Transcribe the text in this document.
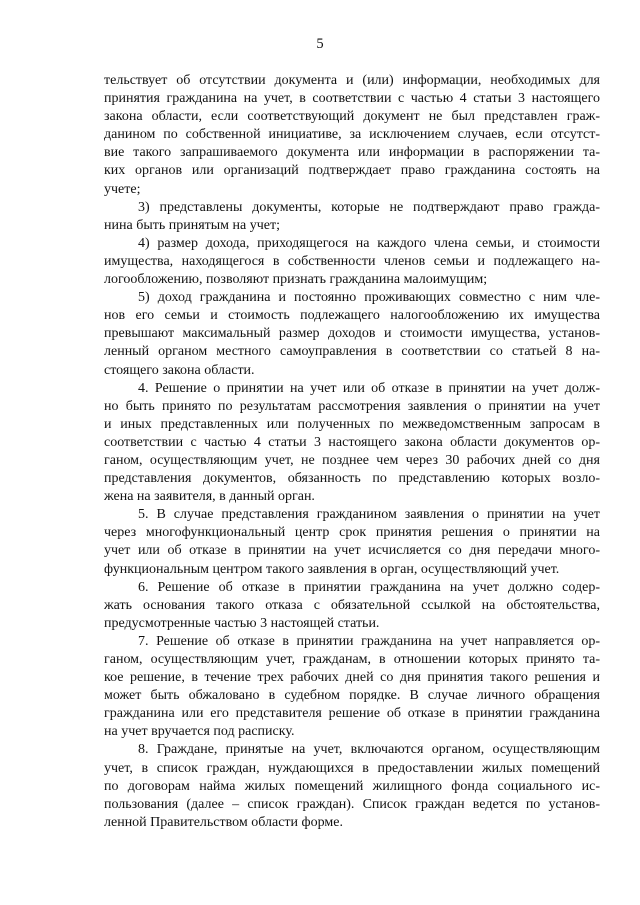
5
тельствует об отсутствии документа и (или) информации, необходимых для
принятия гражданина на учет, в соответствии с частью 4 статьи 3 настоящего
закона области, если соответствующий документ не был представлен граж-
данином по собственной инициативе, за исключением случаев, если отсутст-
вие такого запрашиваемого документа или информации в распоряжении та-
ких органов или организаций подтверждает право гражданина состоять на
учете;
3) представлены документы, которые не подтверждают право гражда-
нина быть принятым на учет;
4) размер дохода, приходящегося на каждого члена семьи, и стоимости
имущества, находящегося в собственности членов семьи и подлежащего на-
логообложению, позволяют признать гражданина малоимущим;
5) доход гражданина и постоянно проживающих совместно с ним чле-
нов его семьи и стоимость подлежащего налогообложению их имущества
превышают максимальный размер доходов и стоимости имущества, установ-
ленный органом местного самоуправления в соответствии со статьей 8 на-
стоящего закона области.
4. Решение о принятии на учет или об отказе в принятии на учет долж-
но быть принято по результатам рассмотрения заявления о принятии на учет
и иных представленных или полученных по межведомственным запросам в
соответствии с частью 4 статьи 3 настоящего закона области документов ор-
ганом, осуществляющим учет, не позднее чем через 30 рабочих дней со дня
представления документов, обязанность по представлению которых возло-
жена на заявителя, в данный орган.
5. В случае представления гражданином заявления о принятии на учет
через многофункциональный центр срок принятия решения о принятии на
учет или об отказе в принятии на учет исчисляется со дня передачи много-
функциональным центром такого заявления в орган, осуществляющий учет.
6. Решение об отказе в принятии гражданина на учет должно содер-
жать основания такого отказа с обязательной ссылкой на обстоятельства,
предусмотренные частью 3 настоящей статьи.
7. Решение об отказе в принятии гражданина на учет направляется ор-
ганом, осуществляющим учет, гражданам, в отношении которых принято та-
кое решение, в течение трех рабочих дней со дня принятия такого решения и
может быть обжаловано в судебном порядке. В случае личного обращения
гражданина или его представителя решение об отказе в принятии гражданина
на учет вручается под расписку.
8. Граждане, принятые на учет, включаются органом, осуществляющим
учет, в список граждан, нуждающихся в предоставлении жилых помещений
по договорам найма жилых помещений жилищного фонда социального ис-
пользования (далее – список граждан). Список граждан ведется по установ-
ленной Правительством области форме.
